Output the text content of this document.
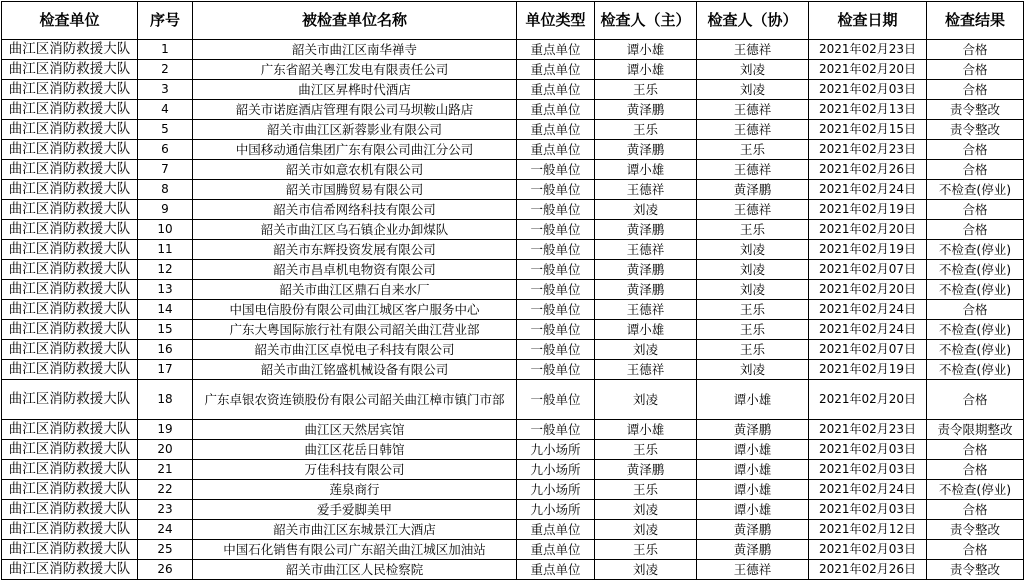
检查单位	序号	被检查单位名称	单位类型	检查人（主）	检查人（协）	检查日期	检查结果
曲江区消防救援大队	1	韶关市曲江区南华禅寺	重点单位	谭小雄	王德祥	2021年02月23日	合格
曲江区消防救援大队	2	广东省韶关粤江发电有限责任公司	重点单位	谭小雄	刘凌	2021年02月20日	合格
曲江区消防救援大队	3	曲江区昇桦时代酒店	重点单位	王乐	刘凌	2021年02月03日	合格
曲江区消防救援大队	4	韶关市诺庭酒店管理有限公司马坝鞍山路店	重点单位	黄泽鹏	王德祥	2021年02月13日	责令整改
曲江区消防救援大队	5	韶关市曲江区新蓉影业有限公司	重点单位	王乐	王德祥	2021年02月15日	责令整改
曲江区消防救援大队	6	中国移动通信集团广东有限公司曲江分公司	重点单位	黄泽鹏	王乐	2021年02月23日	合格
曲江区消防救援大队	7	韶关市如意农机有限公司	一般单位	谭小雄	王德祥	2021年02月26日	合格
曲江区消防救援大队	8	韶关市国腾贸易有限公司	一般单位	王德祥	黄泽鹏	2021年02月24日	不检查(停业)
曲江区消防救援大队	9	韶关市信希网络科技有限公司	一般单位	刘凌	王德祥	2021年02月19日	合格
曲江区消防救援大队	10	韶关市曲江区乌石镇企业办卸煤队	一般单位	黄泽鹏	王乐	2021年02月20日	合格
曲江区消防救援大队	11	韶关市东辉投资发展有限公司	一般单位	王德祥	刘凌	2021年02月19日	不检查(停业)
曲江区消防救援大队	12	韶关市昌卓机电物资有限公司	一般单位	黄泽鹏	刘凌	2021年02月07日	不检查(停业)
曲江区消防救援大队	13	韶关市曲江区鼎石自来水厂	一般单位	黄泽鹏	刘凌	2021年02月20日	不检查(停业)
曲江区消防救援大队	14	中国电信股份有限公司曲江城区客户服务中心	一般单位	王德祥	王乐	2021年02月24日	合格
曲江区消防救援大队	15	广东大粤国际旅行社有限公司韶关曲江营业部	一般单位	谭小雄	王乐	2021年02月24日	不检查(停业)
曲江区消防救援大队	16	韶关市曲江区卓悦电子科技有限公司	一般单位	刘凌	王乐	2021年02月07日	不检查(停业)
曲江区消防救援大队	17	韶关市曲江铭盛机械设备有限公司	一般单位	王德祥	刘凌	2021年02月19日	不检查(停业)
曲江区消防救援大队	18	广东卓银农资连锁股份有限公司韶关曲江樟市镇门市部	一般单位	刘凌	谭小雄	2021年02月20日	合格
曲江区消防救援大队	19	曲江区天然居宾馆	一般单位	谭小雄	黄泽鹏	2021年02月23日	责令限期整改
曲江区消防救援大队	20	曲江区花岳日韩馆	九小场所	王乐	谭小雄	2021年02月03日	合格
曲江区消防救援大队	21	万佳科技有限公司	九小场所	黄泽鹏	谭小雄	2021年02月03日	合格
曲江区消防救援大队	22	莲泉商行	九小场所	王乐	谭小雄	2021年02月24日	不检查(停业)
曲江区消防救援大队	23	爱手爱脚美甲	九小场所	刘凌	谭小雄	2021年02月03日	合格
曲江区消防救援大队	24	韶关市曲江区东城景江大酒店	重点单位	刘凌	黄泽鹏	2021年02月12日	责令整改
曲江区消防救援大队	25	中国石化销售有限公司广东韶关曲江城区加油站	重点单位	王乐	黄泽鹏	2021年02月03日	合格
曲江区消防救援大队	26	韶关市曲江区人民检察院	重点单位	刘凌	王德祥	2021年02月26日	责令整改
